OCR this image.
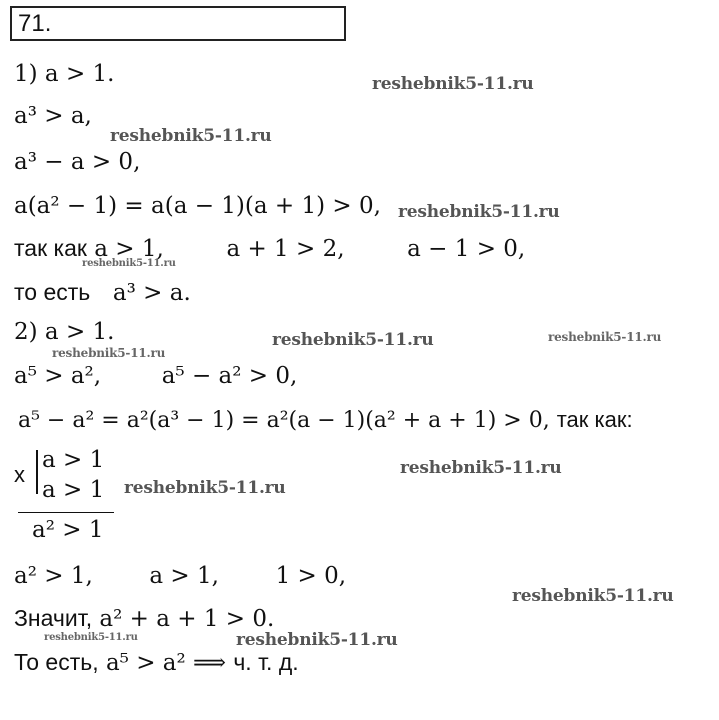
71.
1) a > 1.
a³ > a,
a³ − a > 0,
a(a² − 1) = a(a − 1)(a + 1) > 0,
так как a > 1,	a + 1 > 2,	a − 1 > 0,
то есть a³ > a.
2) a > 1.
a⁵ > a²,	a⁵ − a² > 0,
a⁵ − a² = a²(a³ − 1) = a²(a − 1)(a² + a + 1) > 0, так как:
x
a > 1
a > 1
a² > 1
a² > 1, a > 1, 1 > 0,
Значит, a² + a + 1 > 0.
То есть, a⁵ > a² ⟹ ч. т. д.
reshebnik5-11.ru
reshebnik5-11.ru
reshebnik5-11.ru
reshebnik5-11.ru
reshebnik5-11.ru	reshebnik5-11.ru
reshebnik5-11.ru
reshebnik5-11.ru
reshebnik5-11.ru
reshebnik5-11.ru
reshebnik5-11.ru	reshebnik5-11.ru
